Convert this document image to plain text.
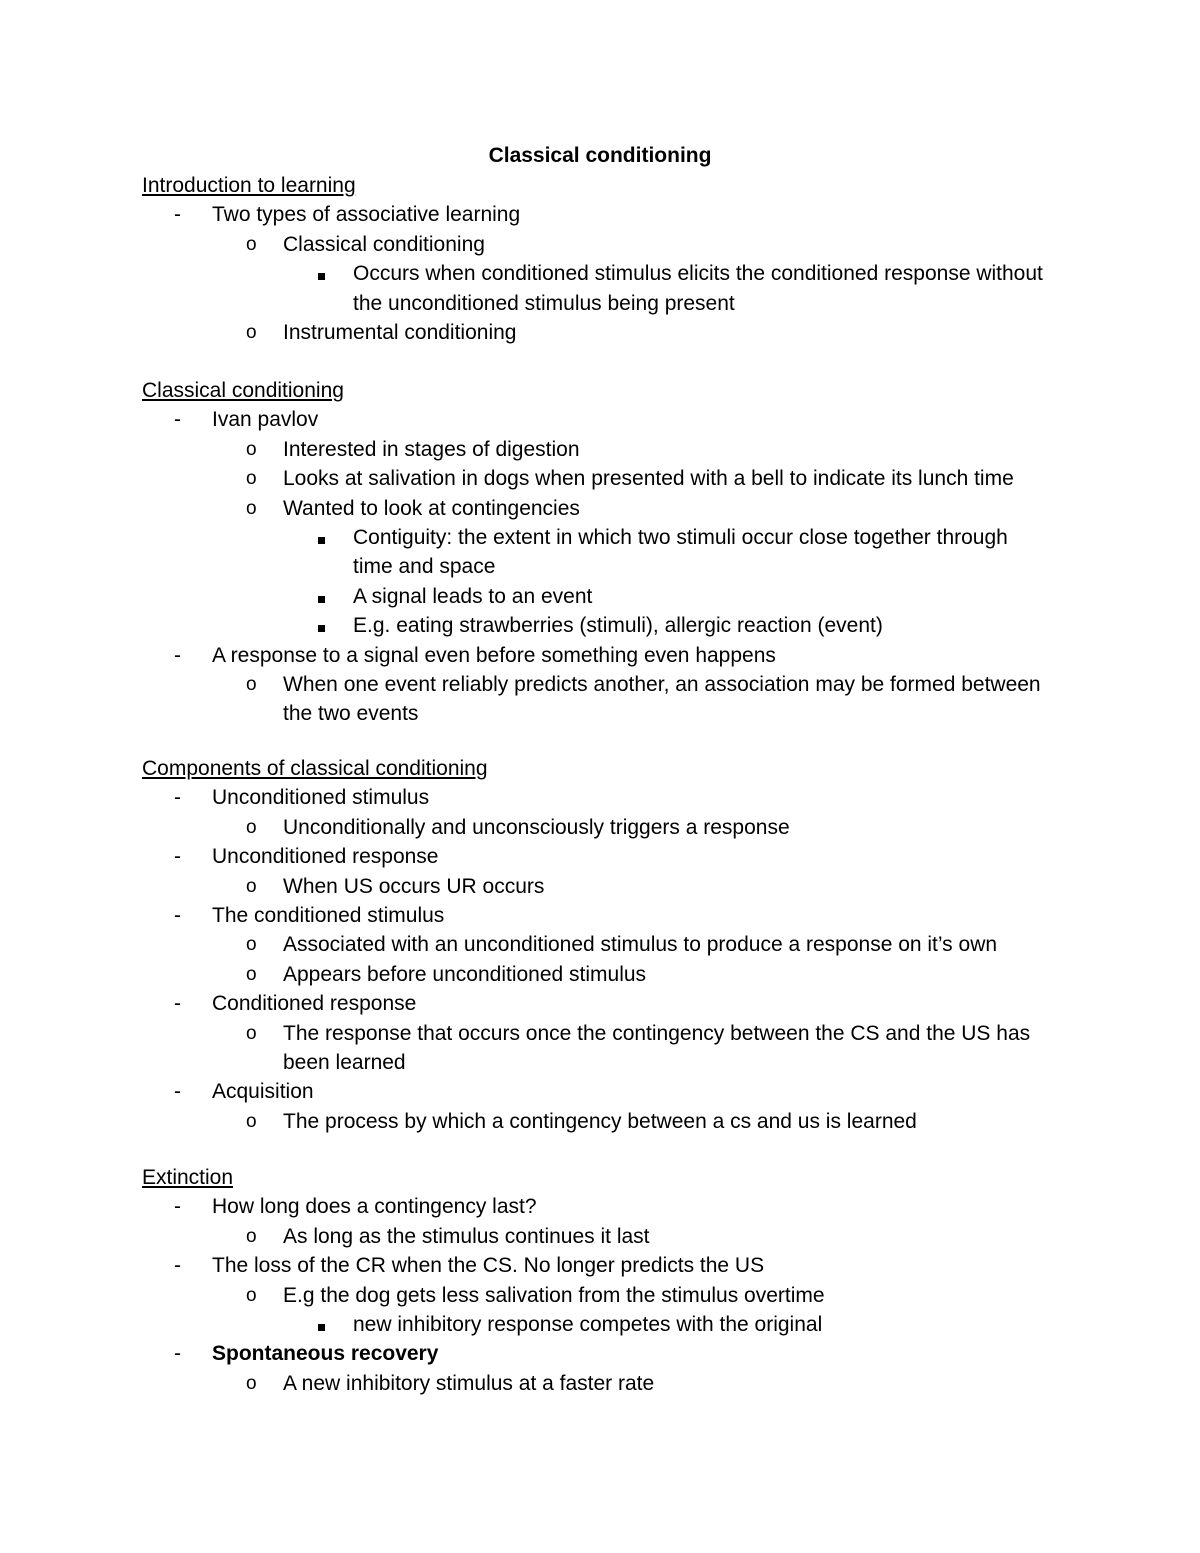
Classical conditioning
Introduction to learning
- Two types of associative learning
o Classical conditioning
Occurs when conditioned stimulus elicits the conditioned response without the unconditioned stimulus being present
o Instrumental conditioning
Classical conditioning
- Ivan pavlov
o Interested in stages of digestion
o Looks at salivation in dogs when presented with a bell to indicate its lunch time
o Wanted to look at contingencies
Contiguity: the extent in which two stimuli occur close together through time and space
A signal leads to an event
E.g. eating strawberries (stimuli), allergic reaction (event)
- A response to a signal even before something even happens
o When one event reliably predicts another, an association may be formed between the two events
Components of classical conditioning
- Unconditioned stimulus
o Unconditionally and unconsciously triggers a response
- Unconditioned response
o When US occurs UR occurs
- The conditioned stimulus
o Associated with an unconditioned stimulus to produce a response on it’s own
o Appears before unconditioned stimulus
- Conditioned response
o The response that occurs once the contingency between the CS and the US has been learned
- Acquisition
o The process by which a contingency between a cs and us is learned
Extinction
- How long does a contingency last?
o As long as the stimulus continues it last
- The loss of the CR when the CS. No longer predicts the US
o E.g the dog gets less salivation from the stimulus overtime
new inhibitory response competes with the original
- Spontaneous recovery
o A new inhibitory stimulus at a faster rate
